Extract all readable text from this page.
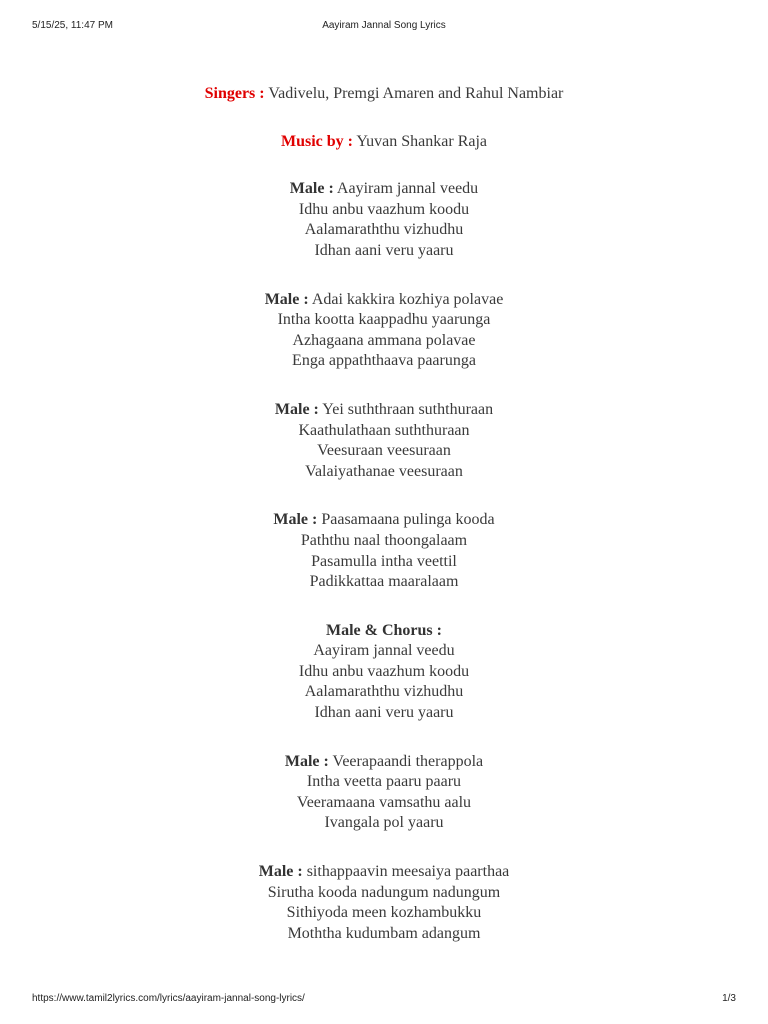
5/15/25, 11:47 PM	Aayiram Jannal Song Lyrics
Singers : Vadivelu, Premgi Amaren and Rahul Nambiar
Music by : Yuvan Shankar Raja
Male : Aayiram jannal veedu
Idhu anbu vaazhum koodu
Aalamaraththu vizhudhu
Idhan aani veru yaaru
Male : Adai kakkira kozhiya polavae
Intha kootta kaappadhu yaarunga
Azhagaana ammana polavae
Enga appaththaava paarunga
Male : Yei suththraan suththuraan
Kaathulathaan suththuraan
Veesuraan veesuraan
Valaiyathanae veesuraan
Male : Paasamaana pulinga kooda
Paththu naal thoongalaam
Pasamulla intha veettil
Padikkattaa maaralaam
Male & Chorus :
Aayiram jannal veedu
Idhu anbu vaazhum koodu
Aalamaraththu vizhudhu
Idhan aani veru yaaru
Male : Veerapaandi therappola
Intha veetta paaru paaru
Veeramaana vamsathu aalu
Ivangala pol yaaru
Male : sithappaavin meesaiya paarthaa
Sirutha kooda nadungum nadungum
Sithiyoda meen kozhambukku
Moththa kudumbam adangum
https://www.tamil2lyrics.com/lyrics/aayiram-jannal-song-lyrics/	1/3
